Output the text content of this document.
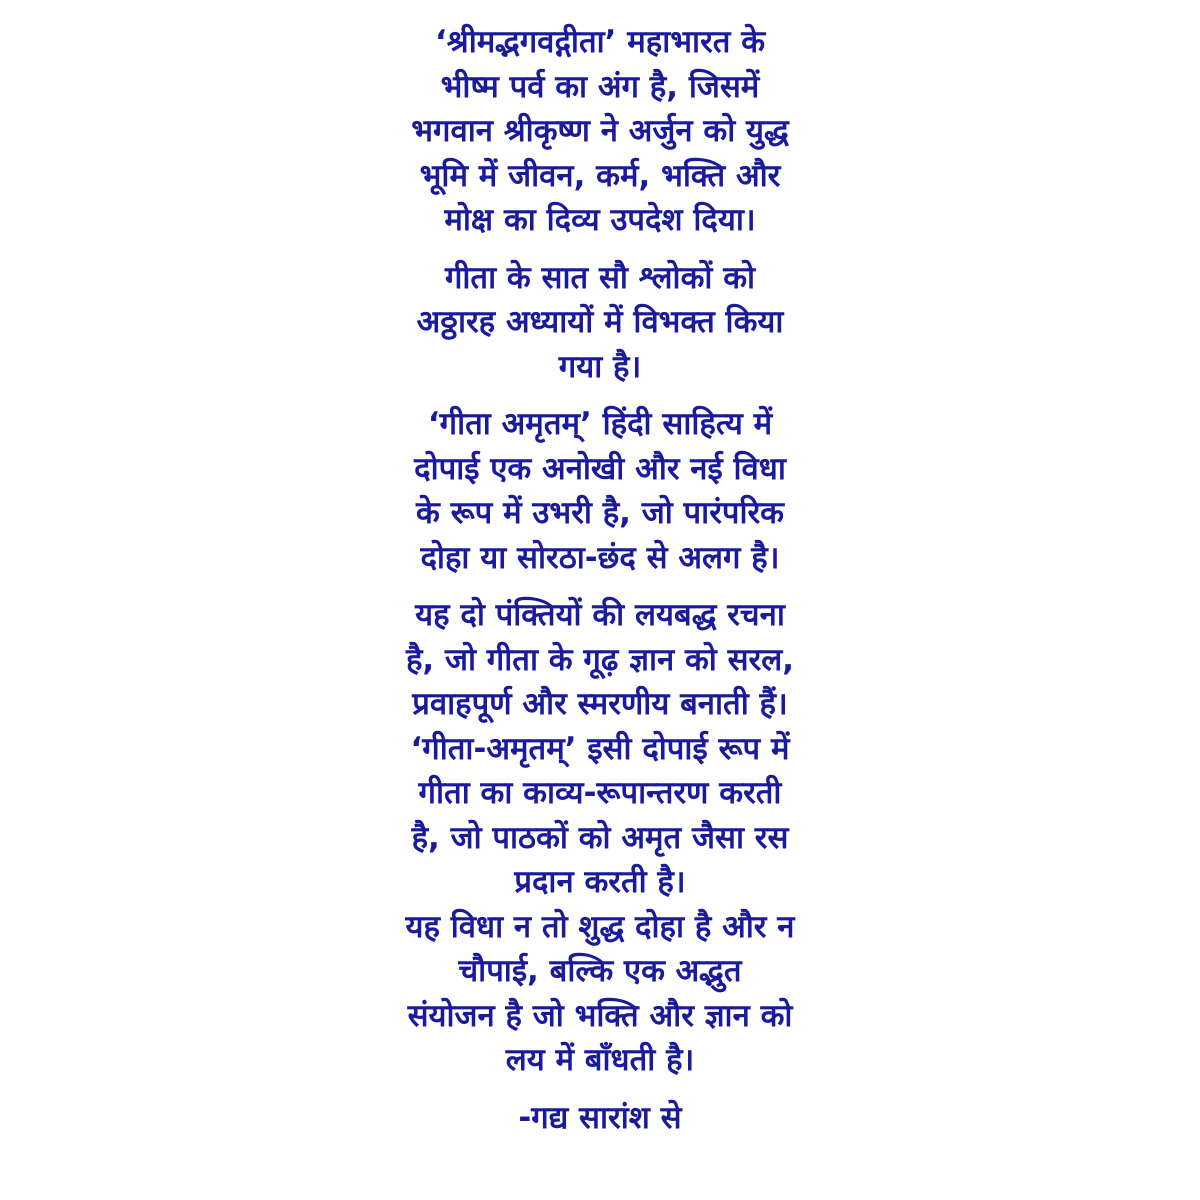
‘श्रीमद्भगवद्गीता’ महाभारत के
भीष्म पर्व का अंग है, जिसमें
भगवान श्रीकृष्ण ने अर्जुन को युद्ध
भूमि में जीवन, कर्म, भक्ति और
मोक्ष का दिव्य उपदेश दिया।
गीता के सात सौ श्लोकों को
अठ्ठारह अध्यायों में विभक्त किया
गया है।
‘गीता अमृतम्’ हिंदी साहित्य में
दोपाई एक अनोखी और नई विधा
के रूप में उभरी है, जो पारंपरिक
दोहा या सोरठा-छंद से अलग है।
यह दो पंक्तियों की लयबद्ध रचना
है, जो गीता के गूढ़ ज्ञान को सरल,
प्रवाहपूर्ण और स्मरणीय बनाती हैं।
‘गीता-अमृतम्’ इसी दोपाई रूप में
गीता का काव्य-रूपान्तरण करती
है, जो पाठकों को अमृत जैसा रस
प्रदान करती है।
यह विधा न तो शुद्ध दोहा है और न
चौपाई, बल्कि एक अद्भुत
संयोजन है जो भक्ति और ज्ञान को
लय में बाँधती है।
-गद्य सारांश से
